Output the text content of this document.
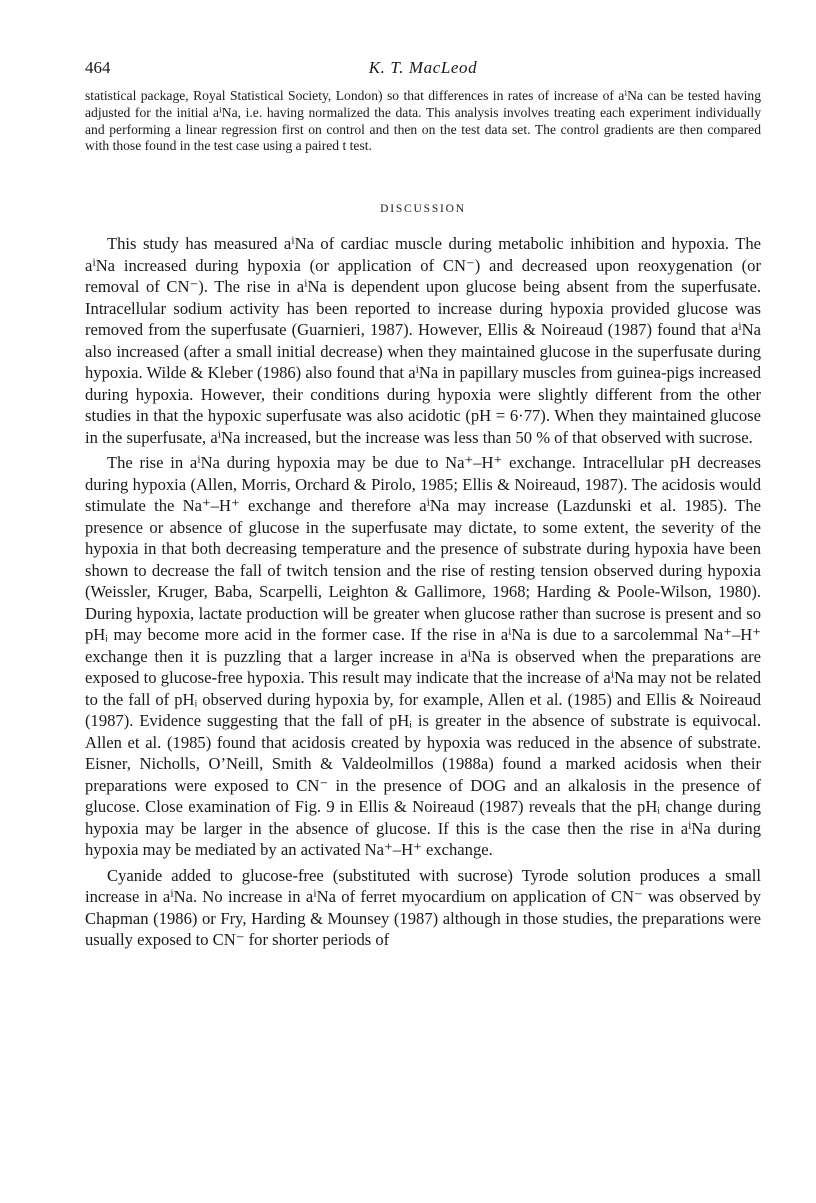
464	K. T. MacLeod

statistical package, Royal Statistical Society, London) so that differences in rates of increase of aⁱNa can be tested having adjusted for the initial aⁱNa, i.e. having normalized the data. This analysis involves treating each experiment individually and performing a linear regression first on control and then on the test data set. The control gradients are then compared with those found in the test case using a paired t test.

DISCUSSION

This study has measured aⁱNa of cardiac muscle during metabolic inhibition and hypoxia. The aⁱNa increased during hypoxia (or application of CN⁻) and decreased upon reoxygenation (or removal of CN⁻). The rise in aⁱNa is dependent upon glucose being absent from the superfusate. Intracellular sodium activity has been reported to increase during hypoxia provided glucose was removed from the superfusate (Guarnieri, 1987). However, Ellis & Noireaud (1987) found that aⁱNa also increased (after a small initial decrease) when they maintained glucose in the superfusate during hypoxia. Wilde & Kleber (1986) also found that aⁱNa in papillary muscles from guinea-pigs increased during hypoxia. However, their conditions during hypoxia were slightly different from the other studies in that the hypoxic superfusate was also acidotic (pH = 6·77). When they maintained glucose in the superfusate, aⁱNa increased, but the increase was less than 50 % of that observed with sucrose.

The rise in aⁱNa during hypoxia may be due to Na⁺–H⁺ exchange. Intracellular pH decreases during hypoxia (Allen, Morris, Orchard & Pirolo, 1985; Ellis & Noireaud, 1987). The acidosis would stimulate the Na⁺–H⁺ exchange and therefore aⁱNa may increase (Lazdunski et al. 1985). The presence or absence of glucose in the superfusate may dictate, to some extent, the severity of the hypoxia in that both decreasing temperature and the presence of substrate during hypoxia have been shown to decrease the fall of twitch tension and the rise of resting tension observed during hypoxia (Weissler, Kruger, Baba, Scarpelli, Leighton & Gallimore, 1968; Harding & Poole-Wilson, 1980). During hypoxia, lactate production will be greater when glucose rather than sucrose is present and so pHᵢ may become more acid in the former case. If the rise in aⁱNa is due to a sarcolemmal Na⁺–H⁺ exchange then it is puzzling that a larger increase in aⁱNa is observed when the preparations are exposed to glucose-free hypoxia. This result may indicate that the increase of aⁱNa may not be related to the fall of pHᵢ observed during hypoxia by, for example, Allen et al. (1985) and Ellis & Noireaud (1987). Evidence suggesting that the fall of pHᵢ is greater in the absence of substrate is equivocal. Allen et al. (1985) found that acidosis created by hypoxia was reduced in the absence of substrate. Eisner, Nicholls, O’Neill, Smith & Valdeolmillos (1988a) found a marked acidosis when their preparations were exposed to CN⁻ in the presence of DOG and an alkalosis in the presence of glucose. Close examination of Fig. 9 in Ellis & Noireaud (1987) reveals that the pHᵢ change during hypoxia may be larger in the absence of glucose. If this is the case then the rise in aⁱNa during hypoxia may be mediated by an activated Na⁺–H⁺ exchange.

Cyanide added to glucose-free (substituted with sucrose) Tyrode solution produces a small increase in aⁱNa. No increase in aⁱNa of ferret myocardium on application of CN⁻ was observed by Chapman (1986) or Fry, Harding & Mounsey (1987) although in those studies, the preparations were usually exposed to CN⁻ for shorter periods of
